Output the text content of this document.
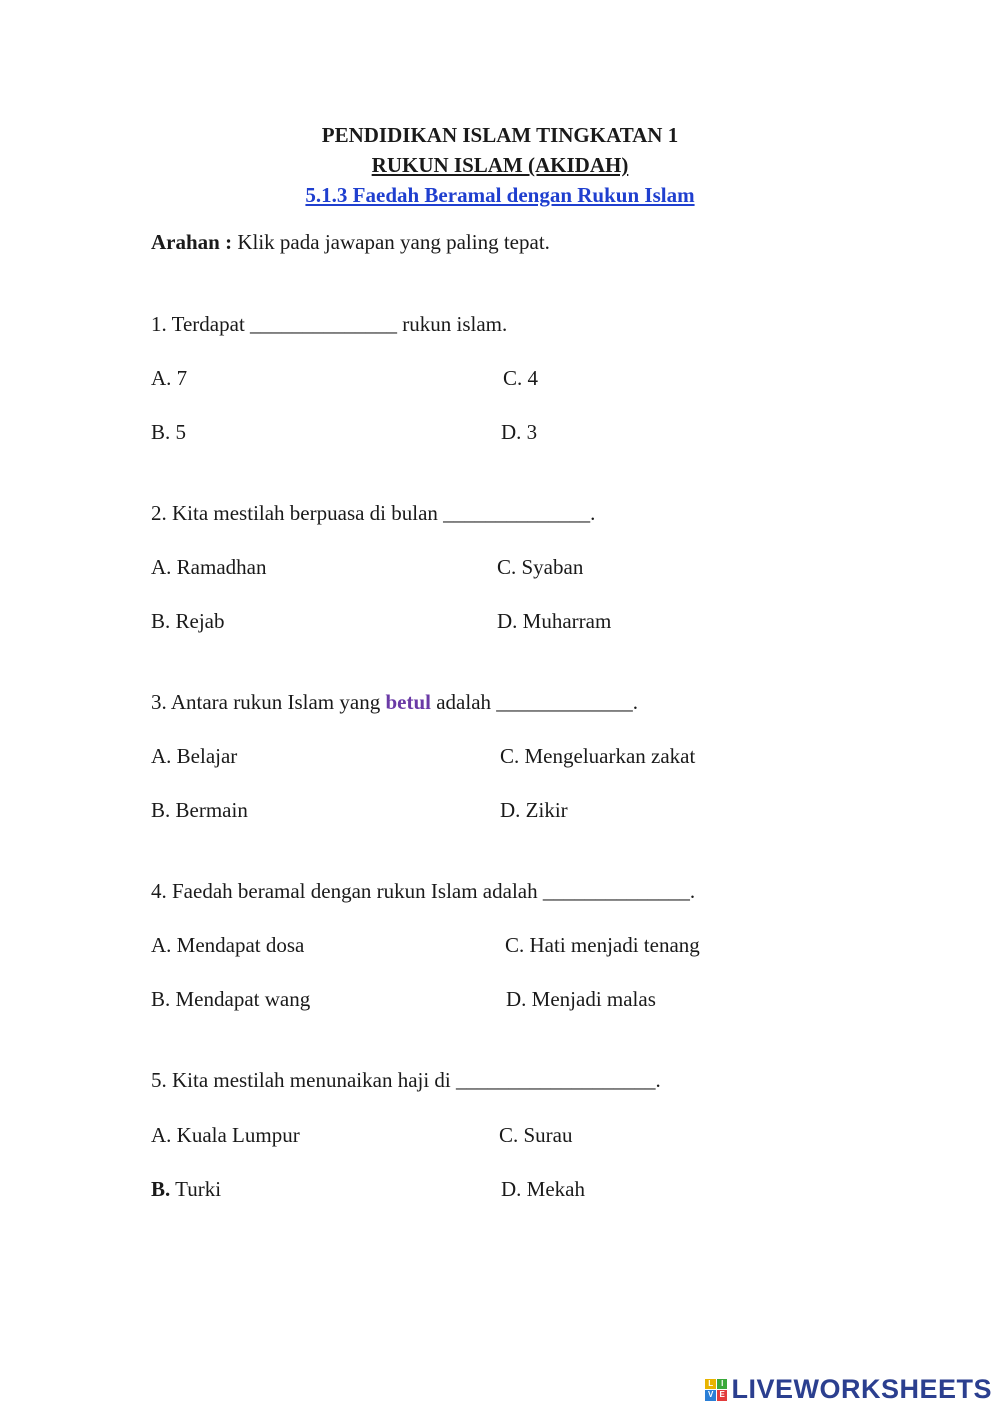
PENDIDIKAN ISLAM TINGKATAN 1
RUKUN ISLAM (AKIDAH)
5.1.3 Faedah Beramal dengan Rukun Islam
Arahan : Klik pada jawapan yang paling tepat.
1. Terdapat ______________ rukun islam.
A. 7	C. 4
B. 5	D. 3
2. Kita mestilah berpuasa di bulan ______________.
A. Ramadhan	C. Syaban
B. Rejab	D. Muharram
3. Antara rukun Islam yang betul adalah _____________.
A. Belajar	C. Mengeluarkan zakat
B. Bermain	D. Zikir
4. Faedah beramal dengan rukun Islam adalah ______________.
A. Mendapat dosa	C. Hati menjadi tenang
B. Mendapat wang	D. Menjadi malas
5. Kita mestilah menunaikan haji di ___________________.
A. Kuala Lumpur	C. Surau
B. Turki	D. Mekah
L I
V E LIVEWORKSHEETS
